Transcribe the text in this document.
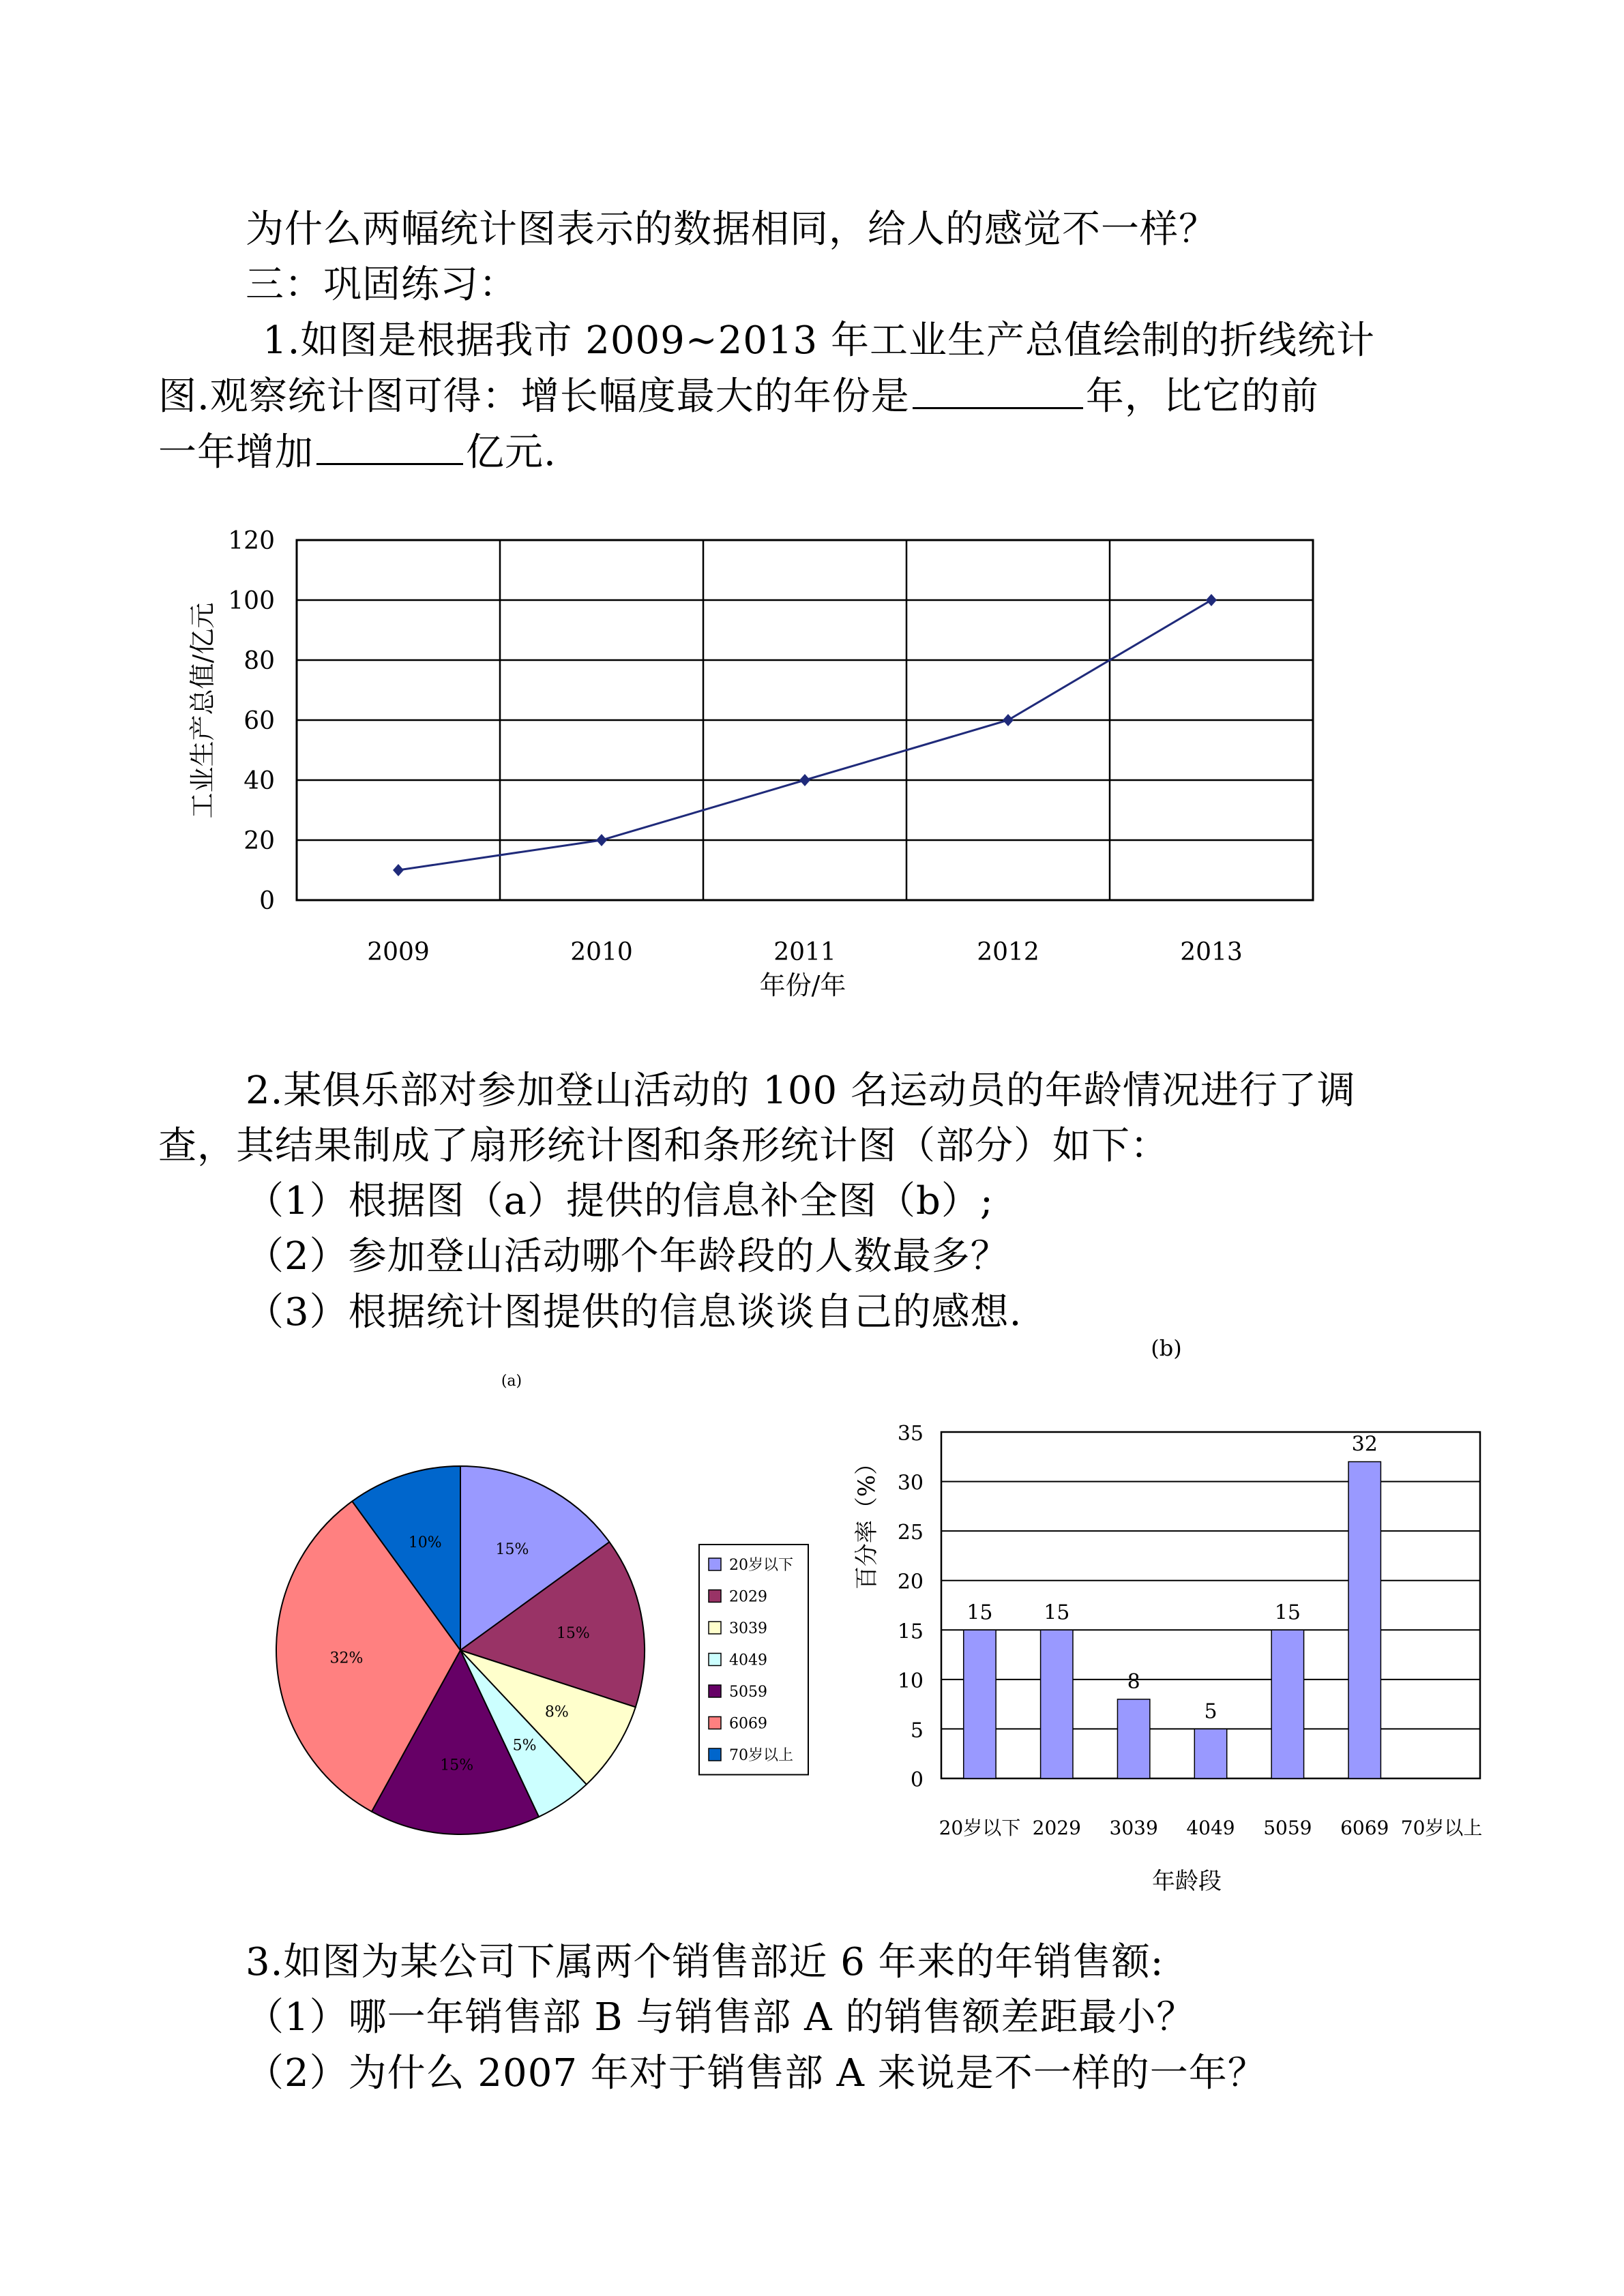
为什么两幅统计图表示的数据相同，给人的感觉不一样？
三：巩固练习：
1.如图是根据我市 2009~2013 年工业生产总值绘制的折线统计
图.观察统计图可得：增长幅度最大的年份是	年，比它的前
一年增加	亿元.
0
20
40
60
80
100
120
2009	2010	2011	2012	2013
工业生产总值/亿元
年份/年
2.某俱乐部对参加登山活动的 100 名运动员的年龄情况进行了调
查，其结果制成了扇形统计图和条形统计图（部分）如下：
（1）根据图（a）提供的信息补全图（b）;
（2）参加登山活动哪个年龄段的人数最多？
（3）根据统计图提供的信息谈谈自己的感想.
(a)
15%
15%
8%
5%
15%
32%
10%
20岁以下
2029
3039
4049
5059
6069
70岁以上
(b)
0
5
10
15
20
25
30
35
15 15
8
5
15
32
20岁以下 2029 3039 4049 5059 6069 70岁以上
百分率（%）
年龄段
3.如图为某公司下属两个销售部近 6 年来的年销售额:
（1）哪一年销售部 B 与销售部 A 的销售额差距最小？
（2）为什么 2007 年对于销售部 A 来说是不一样的一年？
